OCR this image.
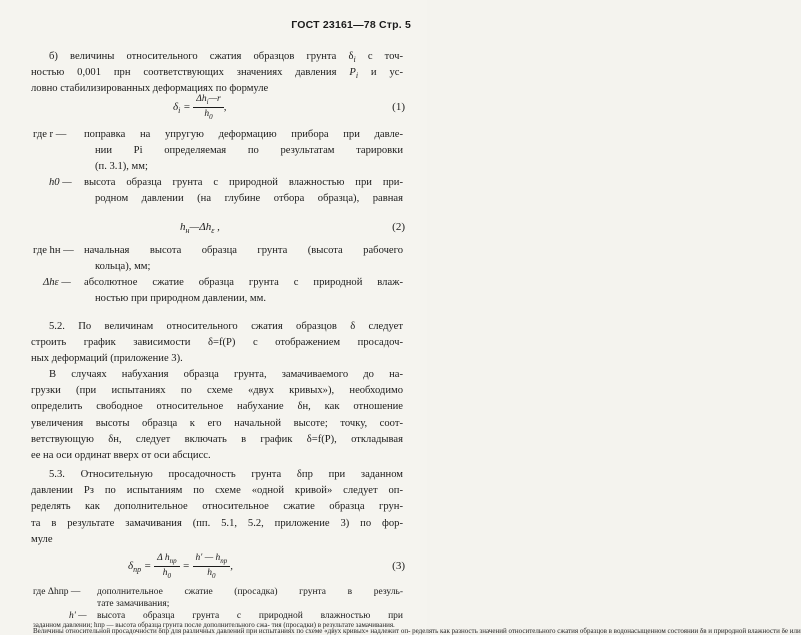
ГОСТ 23161—78 Стр. 5
б) величины относительного сжатия образцов грунта $\delta_i$ с точ-
ностью 0,001 прн соответствующих значениях давления $P_i$ и ус-
ловно стабилизированных деформациях по формуле
$\delta_i = \frac{\Delta h_i—r}{h_0}$ ,	(1)
где r — поправка на упругую деформацию прибора при давле-
нии Pi определяемая по результатам тарировки
(п. 3.1), мм;
h0 — высота образца грунта с природной влажностью при при-
родном давлении (на глубине отбора образца), равная
$h_н—\Delta h_\varepsilon$ ,	(2)
где hн — начальная высота образца грунта (высота рабочего
кольца), мм;
Δhε — абсолютное сжатие образца грунта с природной влаж-
ностью при природном давлении, мм.
5.2. По величинам относительного сжатия образцов δ следует
строить график зависимости δ=f(P) с отображением просадоч-
ных деформаций (приложение 3).
В случаях набухания образца грунта, замачиваемого до на-
грузки (при испытаниях по схеме «двух кривых»), необходимо
определить свободное относительное набухание δн, как отношение
увеличения высоты образца к его начальной высоте; точку, соот-
ветствующую δн, следует включать в график δ=f(P), откладывая
ее на оси ординат вверх от оси абсцисс.
5.3. Относительную просадочность грунта δпр при заданном
давлении Pз по испытаниям по схеме «одной кривой» следует оп-
ределять как дополнительное относительное сжатие образца грун-
та в результате замачивания (пп. 5.1, 5.2, приложение 3) по фор-
муле
$\delta_{пр} = \frac{\Delta h_{пр}}{h_0} = \frac{h' — h_{пр}}{h_0}$ ,	(3)
где Δhпр — дополнительное сжатие (просадка) грунта в резуль-
тате замачивания;
h' — высота образца грунта с природной влажностью при
заданном давлении; hпр — высота образца грунта после дополнительного сжа- тия (просадки) в результате замачивания.
Величины относительной просадочности δпр для различных давлений при испытаниях по схеме «двух кривых» надлежит оп- ределять как разность значений относительного сжатия образцов в водонасыщенном состоянии δв и природной влажности δе или
